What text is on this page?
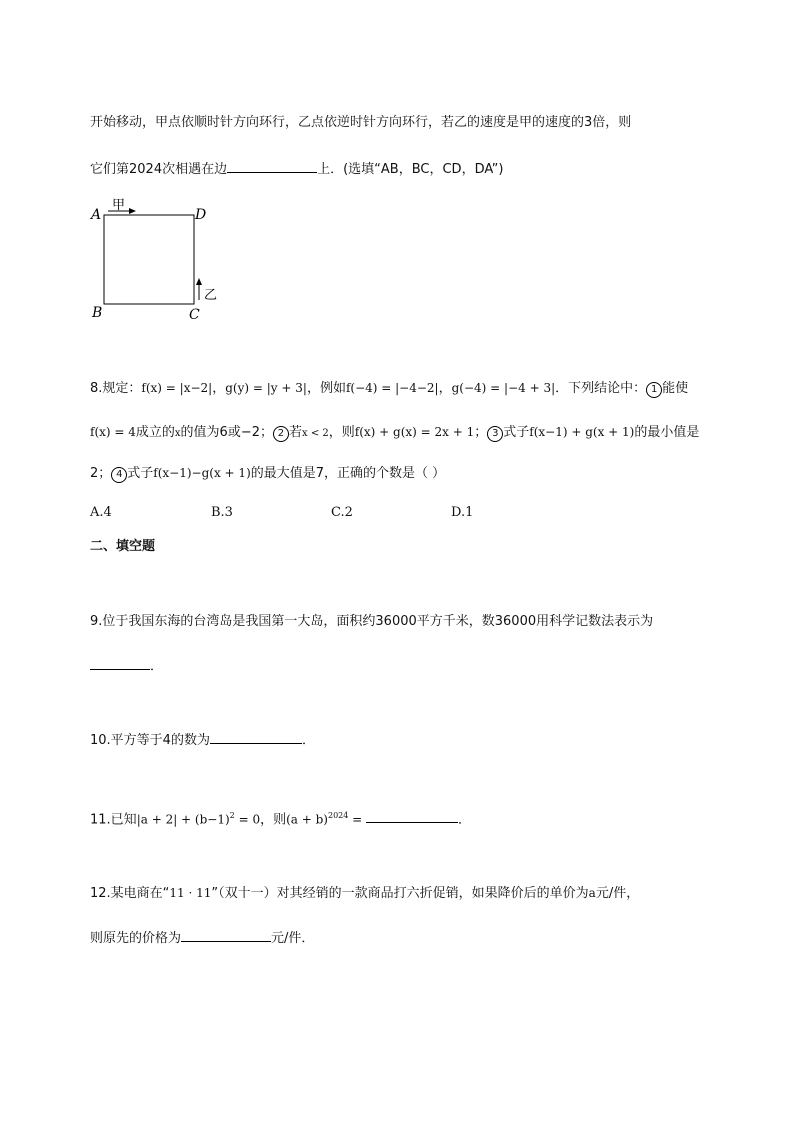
开始移动，甲点依顺时针方向环行，乙点依逆时针方向环行，若乙的速度是甲的速度的3倍，则
它们第2024次相遇在边	上．(选填“AB，BC，CD，DA”)
A	D
B	C
甲
乙
8.规定：f(x) = |x−2|，g(y) = |y + 3|，例如f(−4) = |−4−2|，g(−4) = |−4 + 3|．下列结论中： 1 能使
f(x) = 4成立的x的值为6或−2； 2 若x < 2，则f(x) + g(x) = 2x + 1； 3 式子f(x−1) + g(x + 1)的最小值是
2； 4 式子f(x−1)−g(x + 1)的最大值是7，正确的个数是（ ）
A.4	B.3	C.2	D.1
二、填空题
9.位于我国东海的台湾岛是我国第一大岛，面积约36000平方千米，数36000用科学记数法表示为
．
10.平方等于4的数为	．
11.已知$|a + 2| + (b-1)^2 = 0$，则$(a + b)^{2024}$ =	．
12.某电商在“11 · 11”（双十一）对其经销的一款商品打六折促销，如果降价后的单价为a元/件，
则原先的价格为	元/件．
